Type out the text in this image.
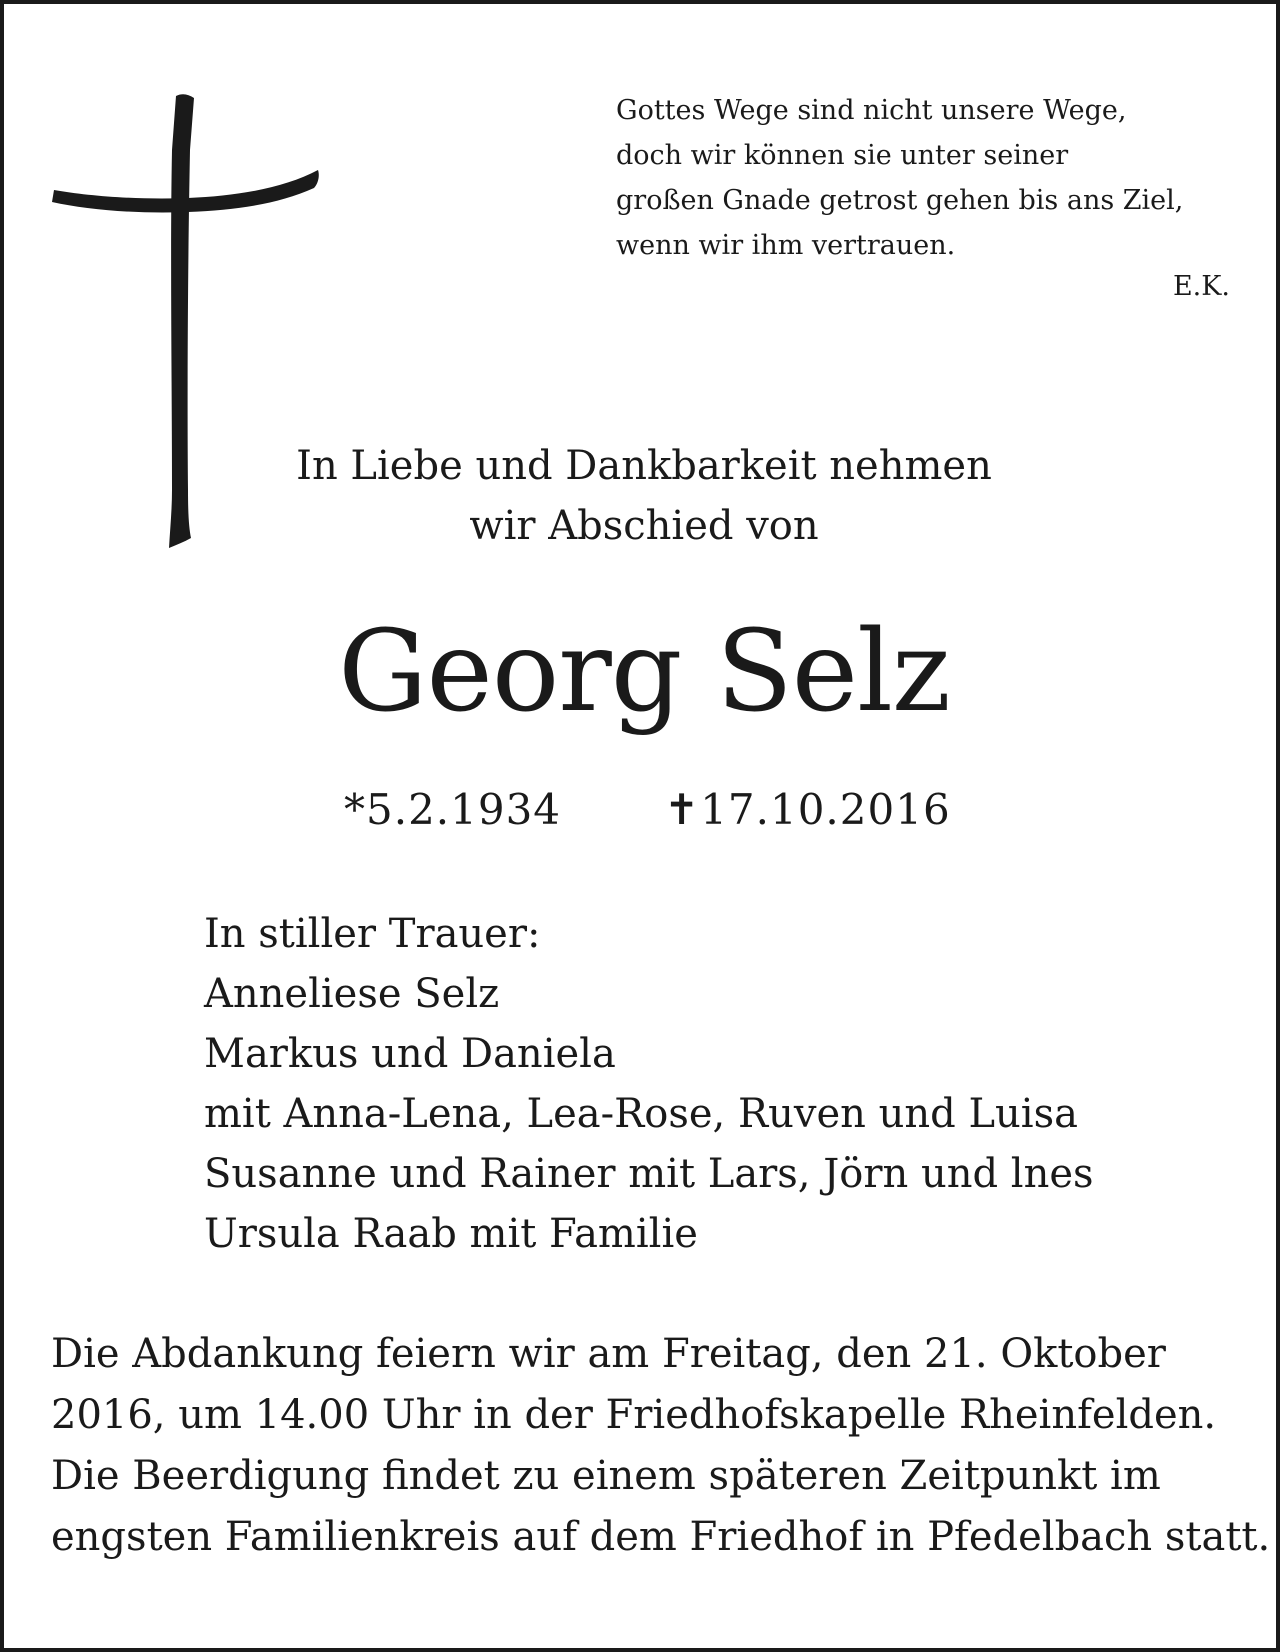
Gottes Wege sind nicht unsere Wege,
doch wir können sie unter seiner
großen Gnade getrost gehen bis ans Ziel,
wenn wir ihm vertrauen.
E.K.
In Liebe und Dankbarkeit nehmen
wir Abschied von
Georg Selz
*5.2.1934 ✝17.10.2016
In stiller Trauer:
Anneliese Selz
Markus und Daniela
mit Anna-Lena, Lea-Rose, Ruven und Luisa
Susanne und Rainer mit Lars, Jörn und lnes
Ursula Raab mit Familie
Die Abdankung feiern wir am Freitag, den 21. Oktober
2016, um 14.00 Uhr in der Friedhofskapelle Rheinfelden.
Die Beerdigung findet zu einem späteren Zeitpunkt im
engsten Familienkreis auf dem Friedhof in Pfedelbach statt.
